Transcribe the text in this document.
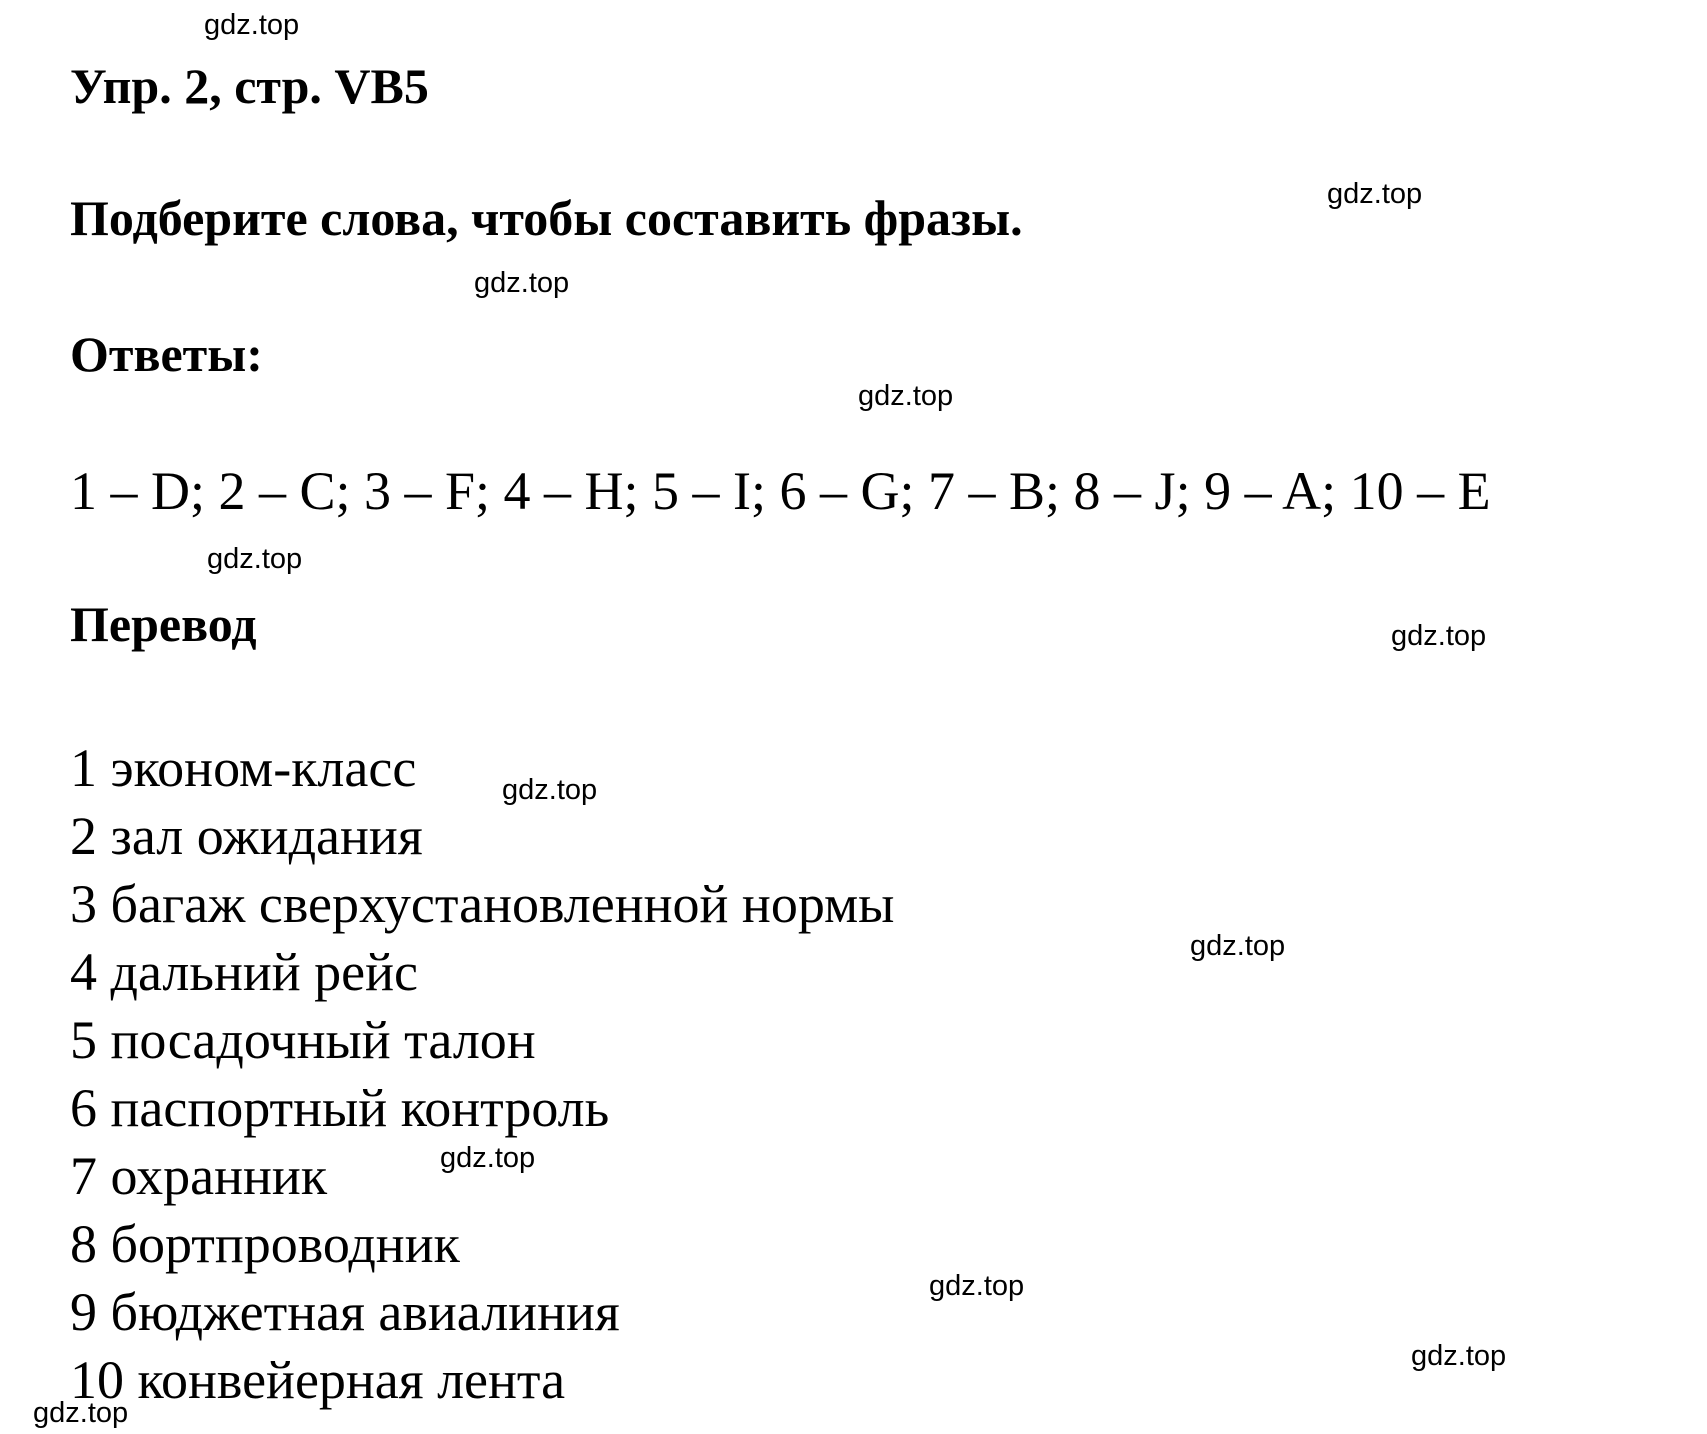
Упр. 2, стр. VB5

Подберите слова, чтобы составить фразы.

Ответы:

1 – D; 2 – C; 3 – F; 4 – H; 5 – I; 6 – G; 7 – B; 8 – J; 9 – A; 10 – E

Перевод
1 эконом-класс
2 зал ожидания
3 багаж сверхустановленной нормы
4 дальний рейс
5 посадочный талон
6 паспортный контроль
7 охранник
8 бортпроводник
9 бюджетная авиалиния
10 конвейерная лента
gdz.top
gdz.top
gdz.top
gdz.top
gdz.top
gdz.top
gdz.top
gdz.top
gdz.top
gdz.top
gdz.top
gdz.top
